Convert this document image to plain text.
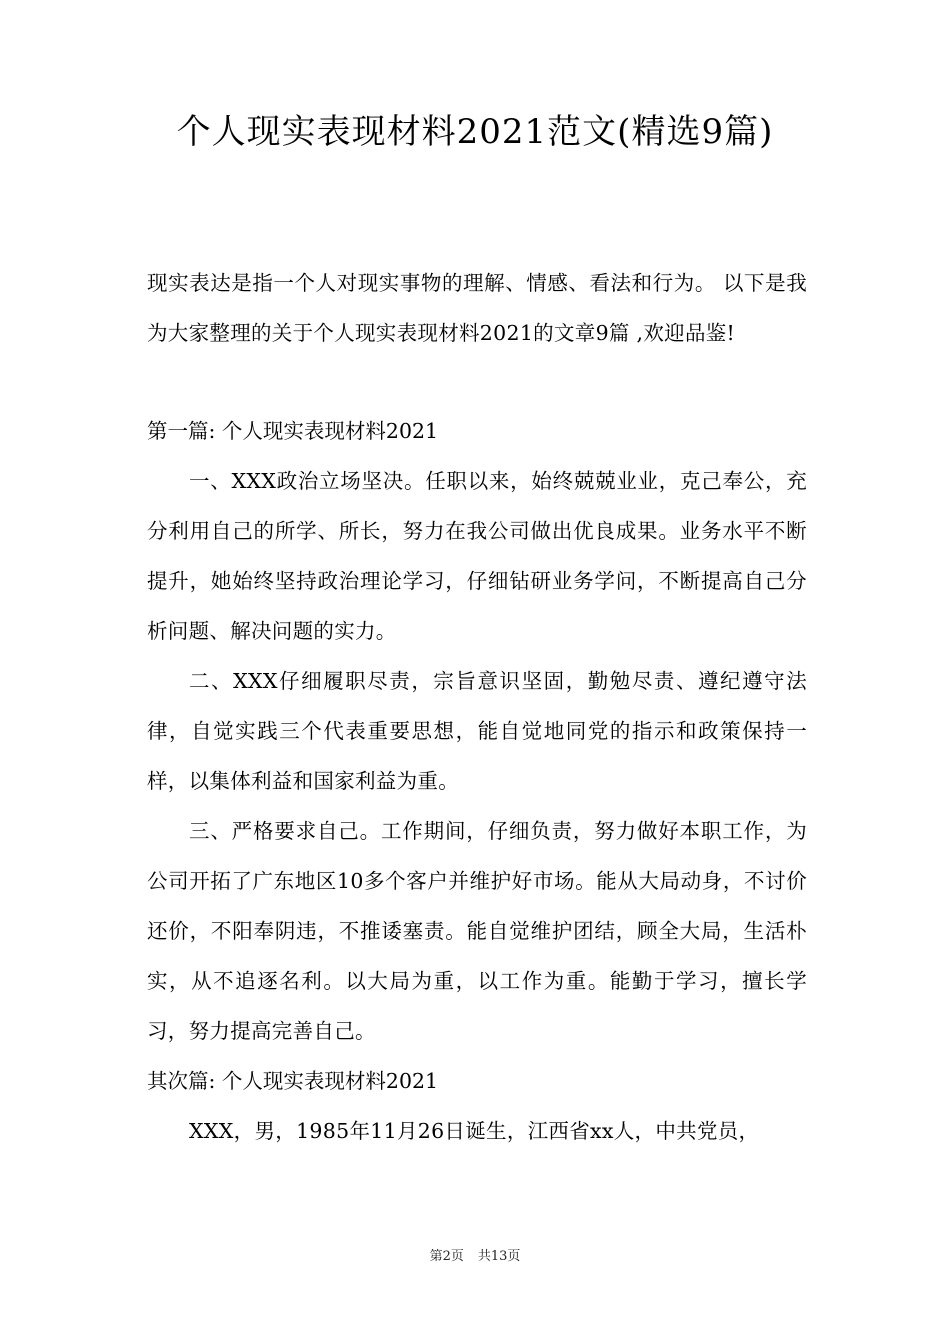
个人现实表现材料2021范文(精选9篇)

现实表达是指一个人对现实事物的理解、情感、看法和行为。 以下是我为大家整理的关于个人现实表现材料2021的文章9篇 ,欢迎品鉴!

第一篇: 个人现实表现材料2021

一、XXX政治立场坚决。任职以来，始终兢兢业业，克己奉公，充分利用自己的所学、所长，努力在我公司做出优良成果。业务水平不断提升，她始终坚持政治理论学习，仔细钻研业务学问，不断提高自己分析问题、解决问题的实力。

二、XXX仔细履职尽责，宗旨意识坚固，勤勉尽责、遵纪遵守法律，自觉实践三个代表重要思想，能自觉地同党的指示和政策保持一样，以集体利益和国家利益为重。

三、严格要求自己。工作期间，仔细负责，努力做好本职工作，为公司开拓了广东地区10多个客户并维护好市场。能从大局动身，不讨价还价，不阳奉阴违，不推诿塞责。能自觉维护团结，顾全大局，生活朴实，从不追逐名利。以大局为重，以工作为重。能勤于学习，擅长学习，努力提高完善自己。

其次篇: 个人现实表现材料2021

XXX，男，1985年11月26日诞生，江西省xx人，中共党员，

第2页 共13页
